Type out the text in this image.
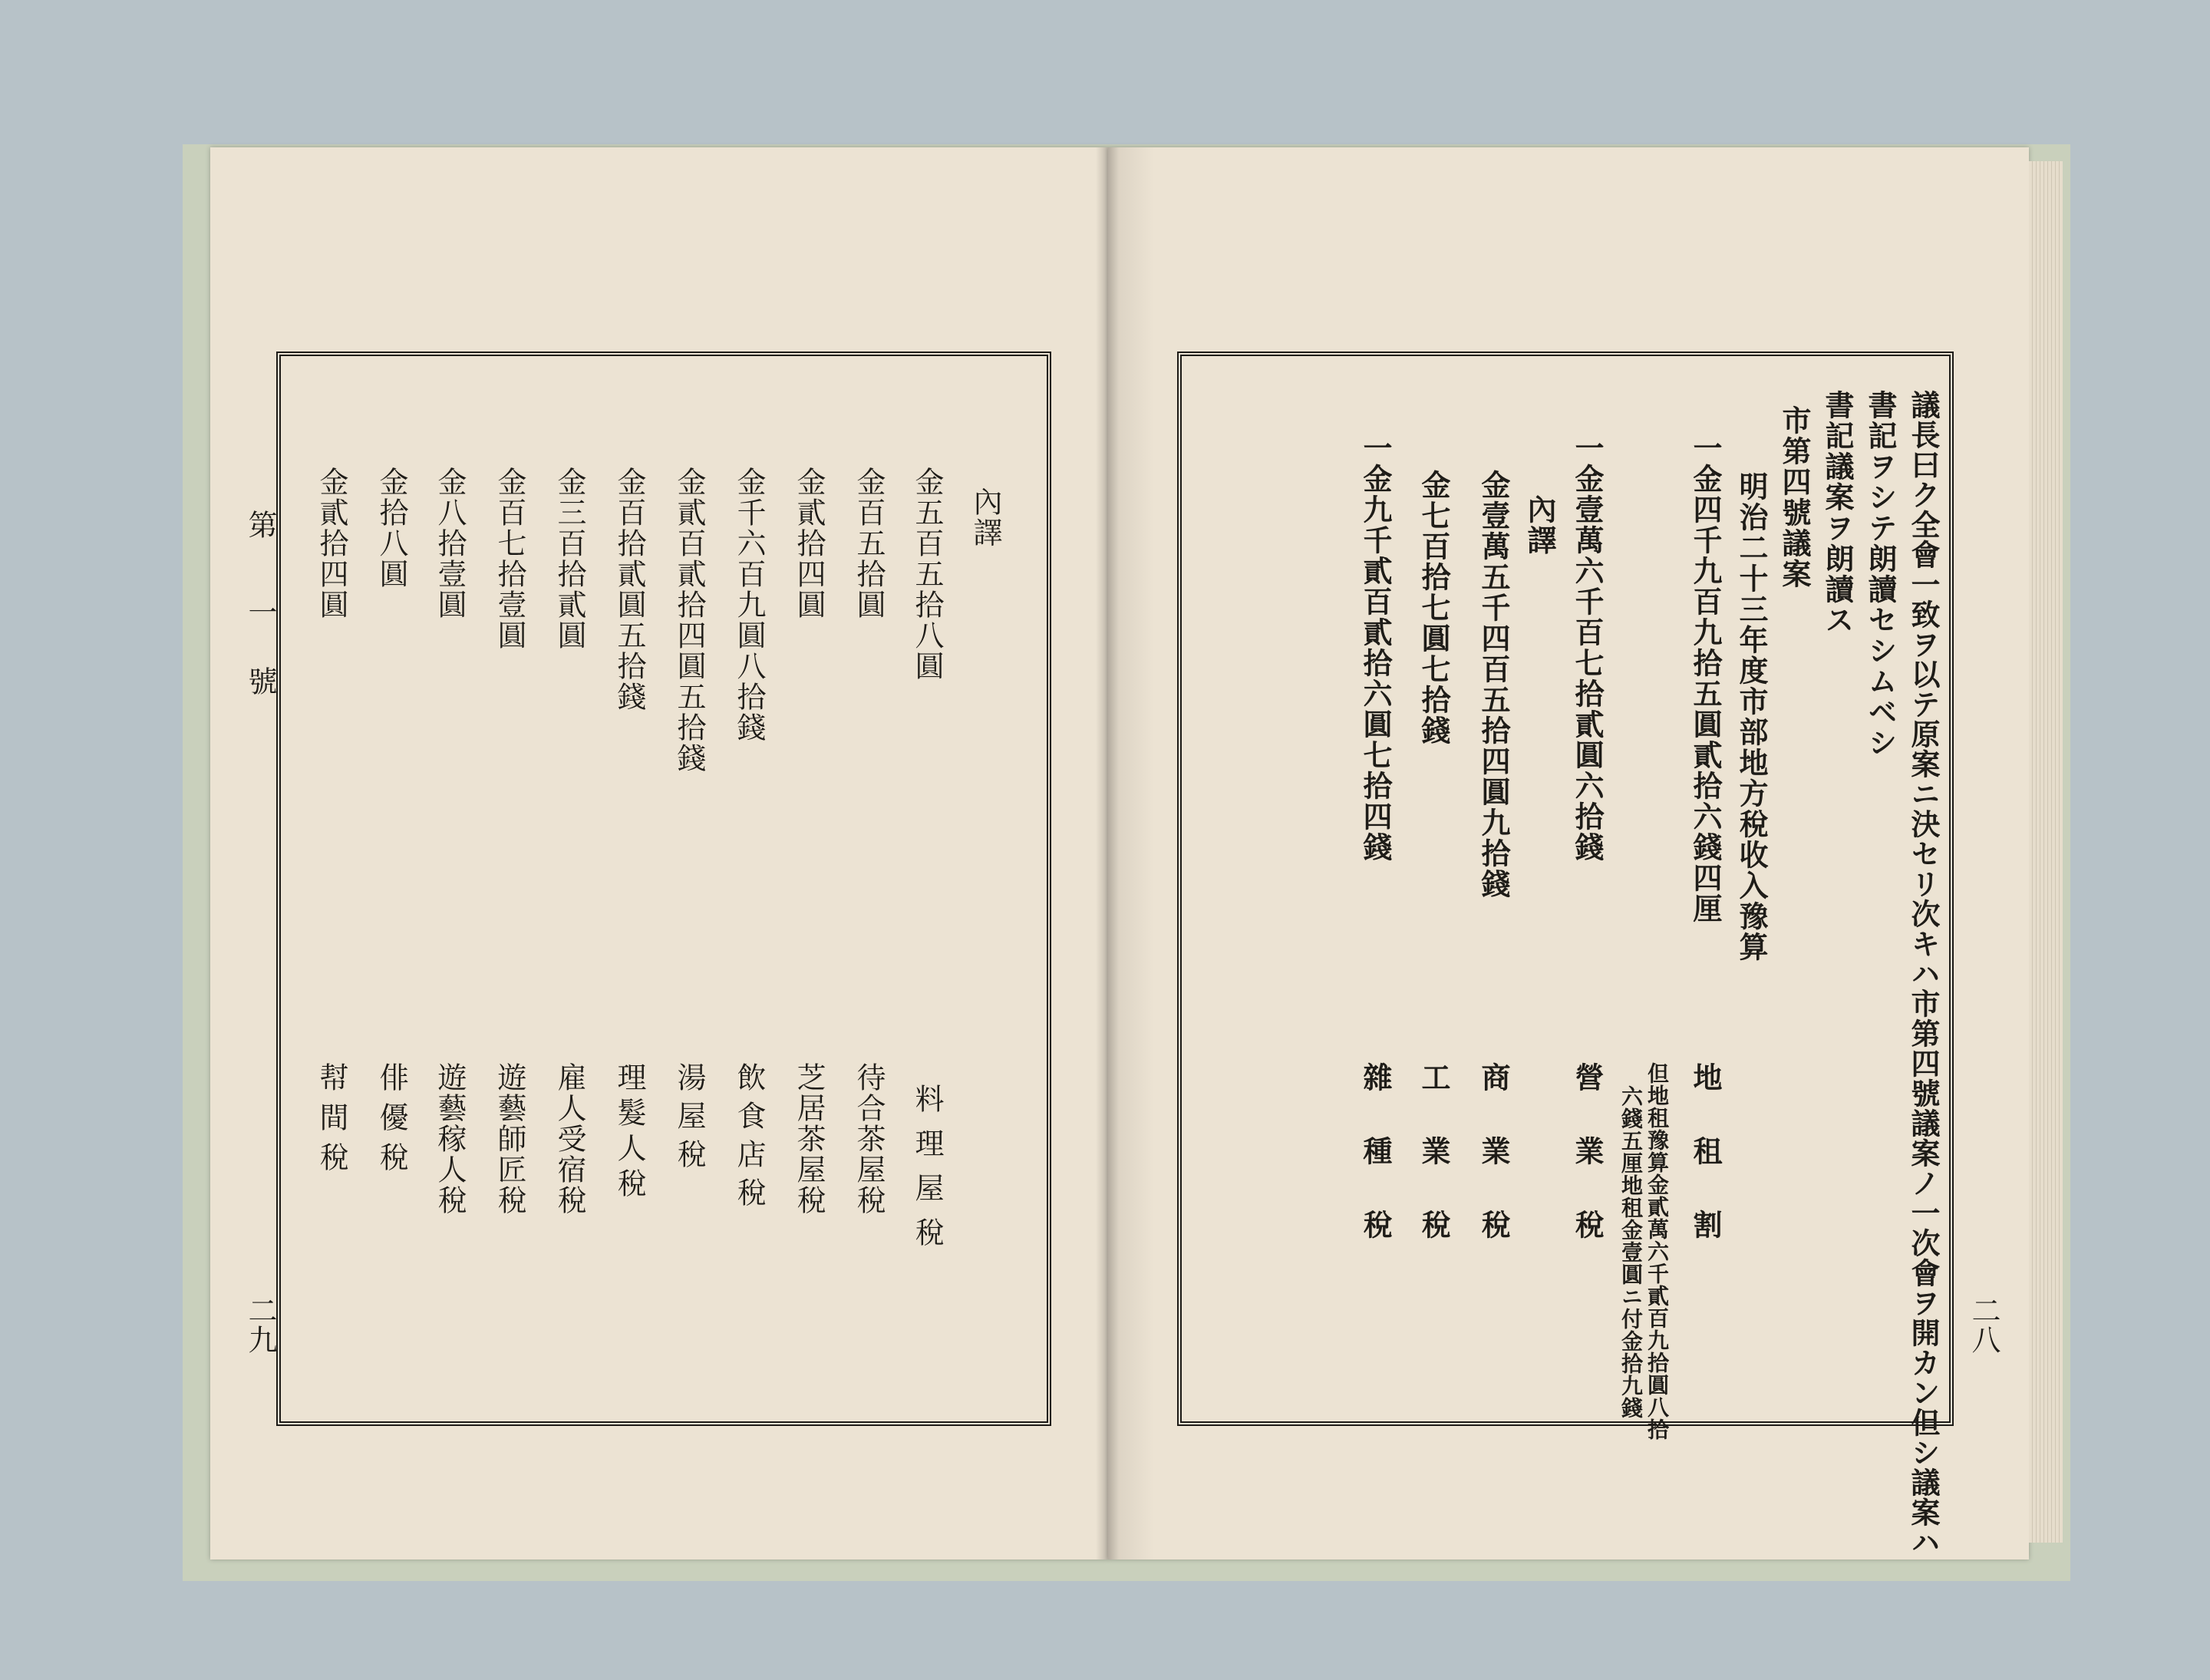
第
一
號
二九
內譯
金五百五拾八圓
料理屋稅
金百五拾圓
待合茶屋稅
金貳拾四圓
芝居茶屋稅
金千六百九圓八拾錢
飲食店稅
金貳百貳拾四圓五拾錢
湯屋稅
金百拾貳圓五拾錢
理髮人稅
金三百拾貳圓
雇人受宿稅
金百七拾壹圓
遊藝師匠稅
金八拾壹圓
遊藝稼人稅
金拾八圓
俳優稅
金貳拾四圓
幇間稅
二八
議長曰ク全會一致ヲ以テ原案ニ決セリ次キハ市第四號議案ノ一次會ヲ開カン但シ議案ハ
書記ヲシテ朗讀セシムベシ
書記議案ヲ朗讀ス
市第四號議案
明治二十三年度市部地方稅收入豫算
一金四千九百九拾五圓貳拾六錢四厘
地　租　割
但地租豫算金貳萬六千貳百九拾圓八拾
六錢五厘地租金壹圓ニ付金拾九錢
一金壹萬六千百七拾貳圓六拾錢
營　業　稅
內譯
金壹萬五千四百五拾四圓九拾錢
商　業　稅
金七百拾七圓七拾錢
工　業　稅
一金九千貳百貳拾六圓七拾四錢
雜　種　稅
